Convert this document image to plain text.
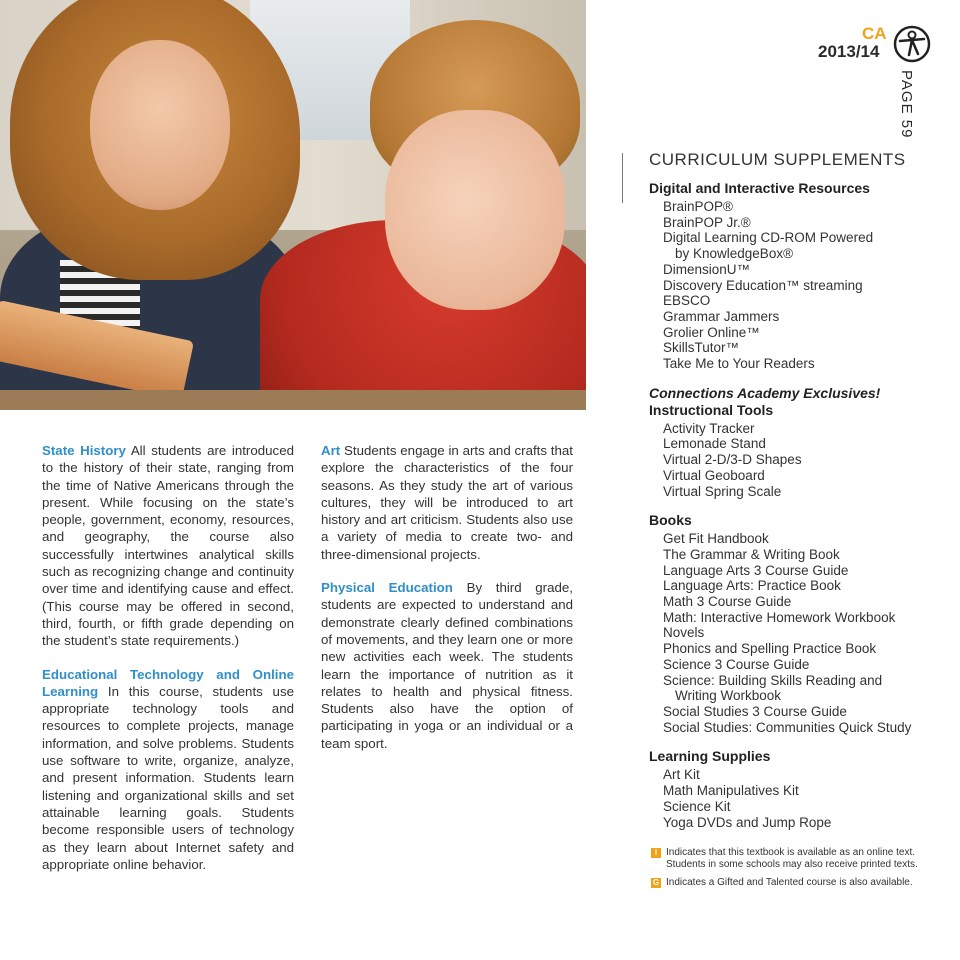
CA
2013/14
PAGE 59
CURRICULUM SUPPLEMENTS
Digital and Interactive Resources
BrainPOP®
BrainPOP Jr.®
Digital Learning CD-ROM Powered
by KnowledgeBox®
DimensionU™
Discovery Education™ streaming
EBSCO
Grammar Jammers
Grolier Online™
SkillsTutor™
Take Me to Your Readers
Connections Academy Exclusives!
Instructional Tools
Activity Tracker
Lemonade Stand
Virtual 2-D/3-D Shapes
Virtual Geoboard
Virtual Spring Scale
Books
Get Fit Handbook
The Grammar & Writing Book
Language Arts 3 Course Guide
Language Arts: Practice Book
Math 3 Course Guide
Math: Interactive Homework Workbook
Novels
Phonics and Spelling Practice Book
Science 3 Course Guide
Science: Building Skills Reading and
Writing Workbook
Social Studies 3 Course Guide
Social Studies: Communities Quick Study
Learning Supplies
Art Kit
Math Manipulatives Kit
Science Kit
Yoga DVDs and Jump Rope
i Indicates that this textbook is available as an online text. Students in some schools may also receive printed texts.
G Indicates a Gifted and Talented course is also available.

State History All students are introduced to the history of their state, ranging from the time of Native Americans through the present. While focusing on the state’s people, government, economy, resources, and geography, the course also successfully intertwines analytical skills such as recognizing change and continuity over time and identifying cause and effect. (This course may be offered in second, third, fourth, or fifth grade depending on the student’s state requirements.)

Educational Technology and Online Learning In this course, students use appropriate technology tools and resources to complete projects, manage information, and solve problems. Students use software to write, organize, analyze, and present information. Students learn listening and organizational skills and set attainable learning goals. Students become responsible users of technology as they learn about Internet safety and appropriate online behavior.

Art Students engage in arts and crafts that explore the characteristics of the four seasons. As they study the art of various cultures, they will be introduced to art history and art criticism. Students also use a variety of media to create two- and three-dimensional projects.

Physical Education By third grade, students are expected to understand and demonstrate clearly defined combinations of movements, and they learn one or more new activities each week. The students learn the importance of nutrition as it relates to health and physical fitness. Students also have the option of participating in yoga or an individual or a team sport.
